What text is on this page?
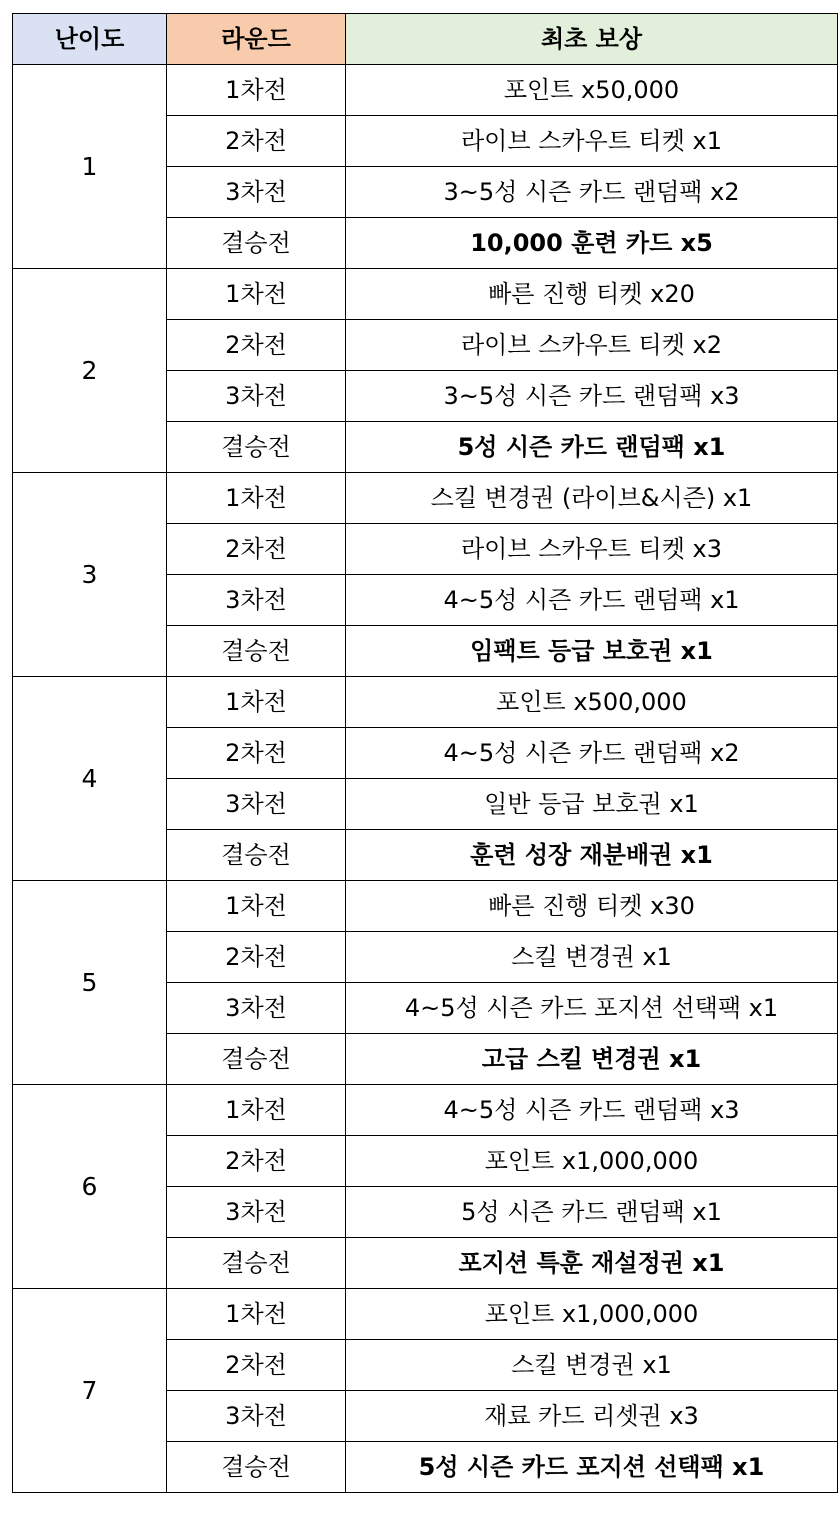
난이도	라운드	최초 보상
1	1차전	포인트 x50,000
	2차전	라이브 스카우트 티켓 x1
	3차전	3~5성 시즌 카드 랜덤팩 x2
	결승전	10,000 훈련 카드 x5
2	1차전	빠른 진행 티켓 x20
	2차전	라이브 스카우트 티켓 x2
	3차전	3~5성 시즌 카드 랜덤팩 x3
	결승전	5성 시즌 카드 랜덤팩 x1
3	1차전	스킬 변경권 (라이브&시즌) x1
	2차전	라이브 스카우트 티켓 x3
	3차전	4~5성 시즌 카드 랜덤팩 x1
	결승전	임팩트 등급 보호권 x1
4	1차전	포인트 x500,000
	2차전	4~5성 시즌 카드 랜덤팩 x2
	3차전	일반 등급 보호권 x1
	결승전	훈련 성장 재분배권 x1
5	1차전	빠른 진행 티켓 x30
	2차전	스킬 변경권 x1
	3차전	4~5성 시즌 카드 포지션 선택팩 x1
	결승전	고급 스킬 변경권 x1
6	1차전	4~5성 시즌 카드 랜덤팩 x3
	2차전	포인트 x1,000,000
	3차전	5성 시즌 카드 랜덤팩 x1
	결승전	포지션 특훈 재설정권 x1
7	1차전	포인트 x1,000,000
	2차전	스킬 변경권 x1
	3차전	재료 카드 리셋권 x3
	결승전	5성 시즌 카드 포지션 선택팩 x1
